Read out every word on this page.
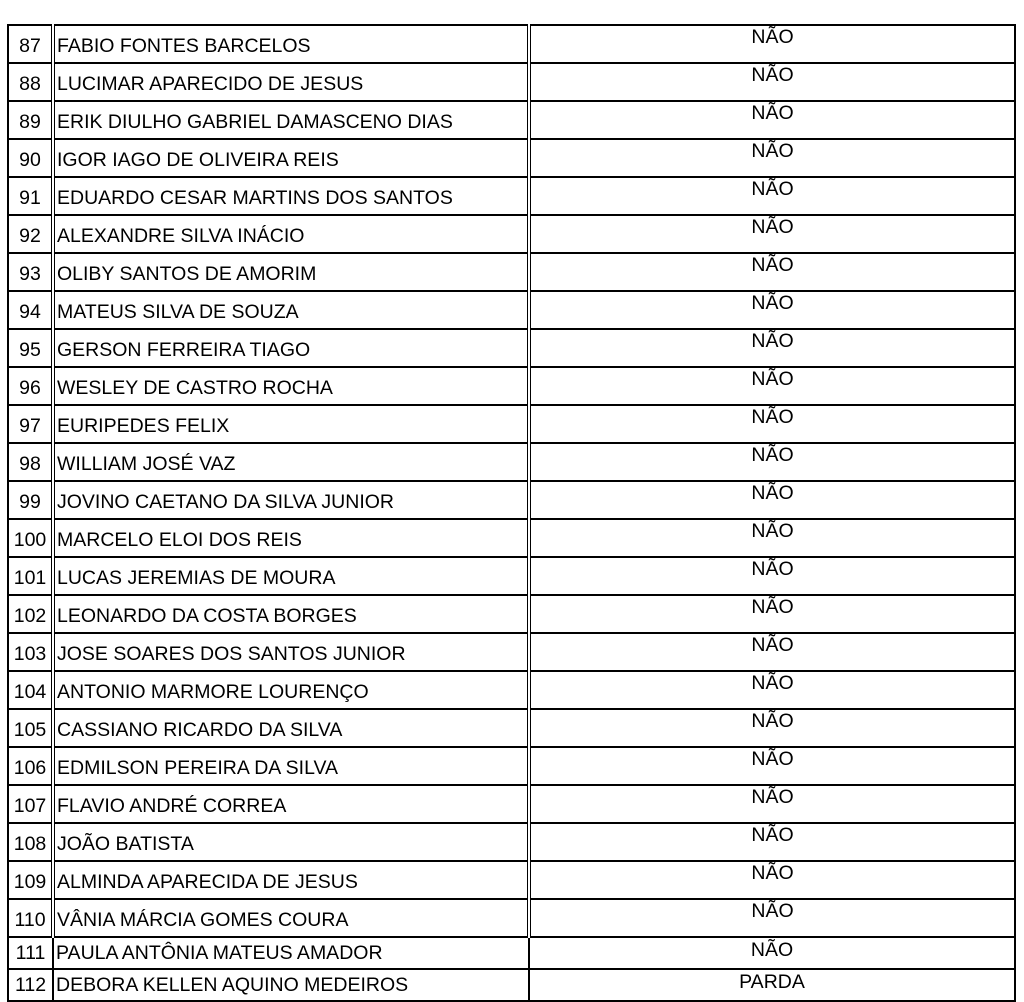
87	FABIO FONTES BARCELOS	NÃO
88	LUCIMAR APARECIDO DE JESUS	NÃO
89	ERIK DIULHO GABRIEL DAMASCENO DIAS	NÃO
90	IGOR IAGO DE OLIVEIRA REIS	NÃO
91	EDUARDO CESAR MARTINS DOS SANTOS	NÃO
92	ALEXANDRE SILVA INÁCIO	NÃO
93	OLIBY SANTOS DE AMORIM	NÃO
94	MATEUS SILVA DE SOUZA	NÃO
95	GERSON FERREIRA TIAGO	NÃO
96	WESLEY DE CASTRO ROCHA	NÃO
97	EURIPEDES FELIX	NÃO
98	WILLIAM JOSÉ VAZ	NÃO
99	JOVINO CAETANO DA SILVA JUNIOR	NÃO
100	MARCELO ELOI DOS REIS	NÃO
101	LUCAS JEREMIAS DE MOURA	NÃO
102	LEONARDO DA COSTA BORGES	NÃO
103	JOSE SOARES DOS SANTOS JUNIOR	NÃO
104	ANTONIO MARMORE LOURENÇO	NÃO
105	CASSIANO RICARDO DA SILVA	NÃO
106	EDMILSON PEREIRA DA SILVA	NÃO
107	FLAVIO ANDRÉ CORREA	NÃO
108	JOÃO BATISTA	NÃO
109	ALMINDA APARECIDA DE JESUS	NÃO
110	VÂNIA MÁRCIA GOMES COURA	NÃO
111	PAULA ANTÔNIA MATEUS AMADOR	NÃO
112	DEBORA KELLEN AQUINO MEDEIROS	PARDA
